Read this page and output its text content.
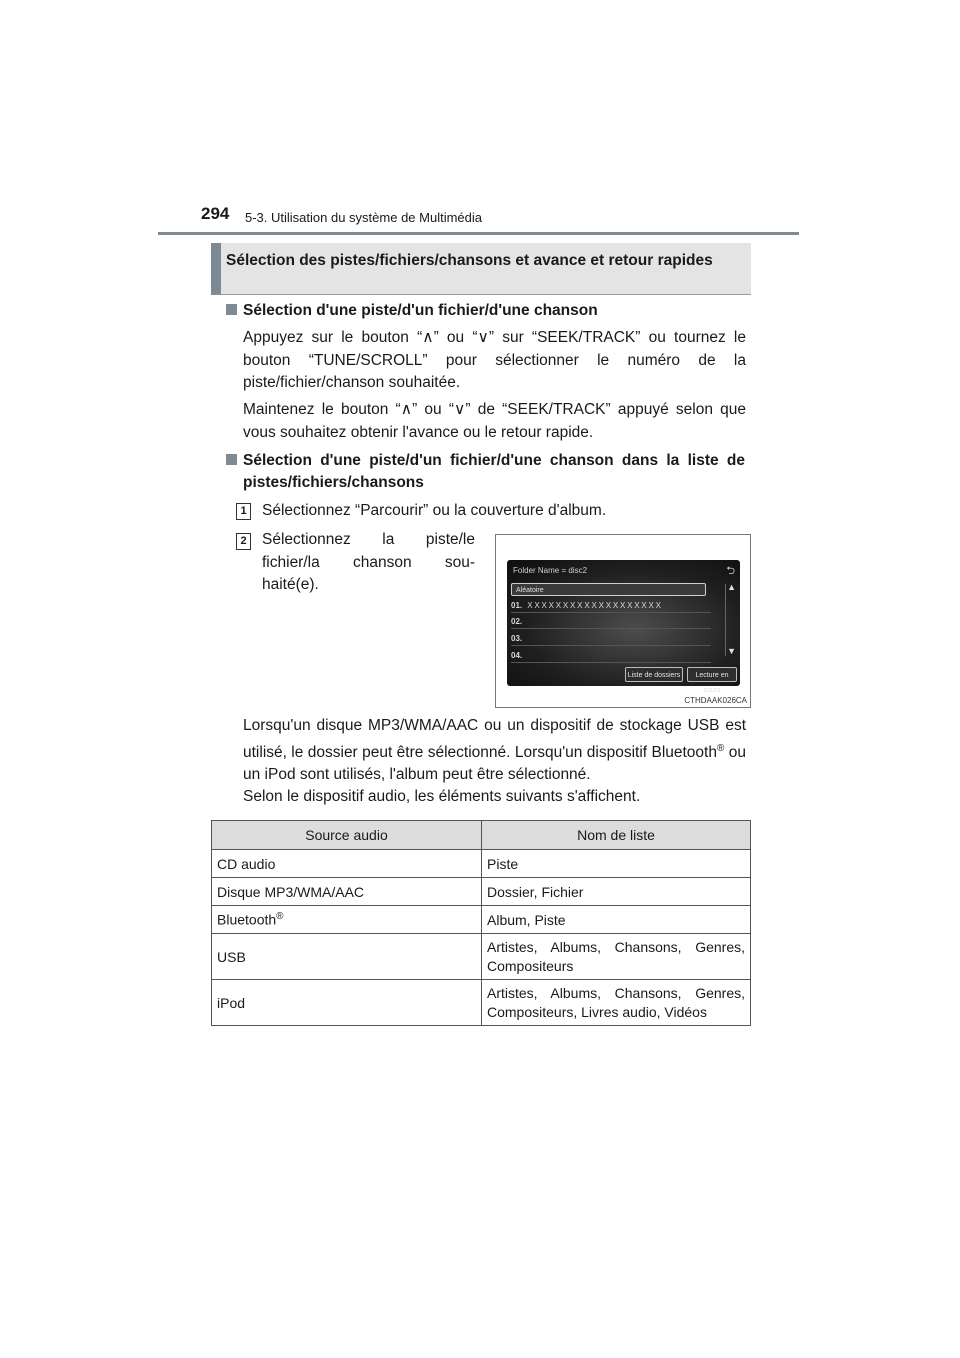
294 5-3. Utilisation du système de Multimédia
Sélection des pistes/fichiers/chansons et avance et retour rapides
Sélection d'une piste/d'un fichier/d'une chanson
Appuyez sur le bouton “∧” ou “∨” sur “SEEK/TRACK” ou tournez le bouton “TUNE/SCROLL” pour sélectionner le numéro de la piste/fichier/chanson souhaitée.
Maintenez le bouton “∧” ou “∨” de “SEEK/TRACK” appuyé selon que vous souhaitez obtenir l'avance ou le retour rapide.
Sélection d'une piste/d'un fichier/d'une chanson dans la liste de pistes/fichiers/chansons
1 Sélectionnez “Parcourir” ou la couverture d'album.
2 Sélectionnez la piste/le
fichier/la chanson sou-
haité(e).
Folder Name = disc2	⮌
Aléatoire
01. XXXXXXXXXXXXXXXXXXX
02.
03.
04.
▲
▼
Liste de dossiers	Lecture en cours
CTHDAAK026CA
Lorsqu'un disque MP3/WMA/AAC ou un dispositif de stockage USB est utilisé, le dossier peut être sélectionné. Lorsqu'un dispositif Bluetooth® ou un iPod sont utilisés, l'album peut être sélectionné.
Selon le dispositif audio, les éléments suivants s'affichent.
Source audio	Nom de liste
CD audio	Piste
Disque MP3/WMA/AAC	Dossier, Fichier
Bluetooth®	Album, Piste
USB	Artistes, Albums, Chansons, Genres, Compositeurs
iPod	Artistes, Albums, Chansons, Genres, Compositeurs, Livres audio, Vidéos
